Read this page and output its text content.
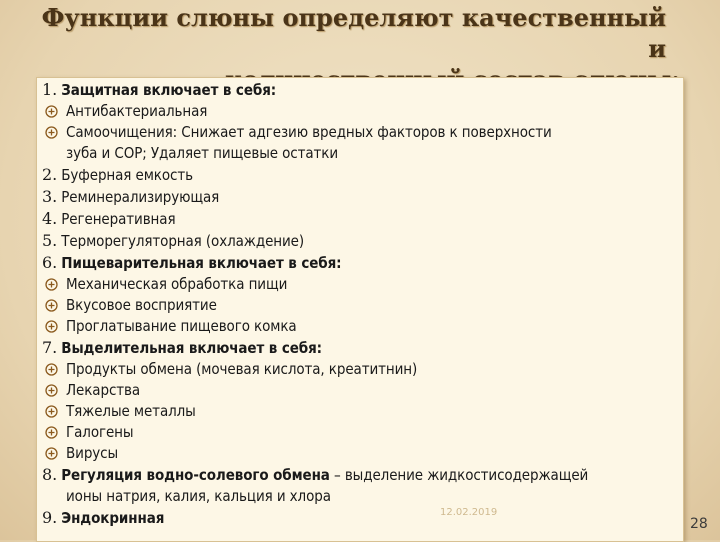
Функции слюны определяют качественный и
1. Защитная включает в себя:
Антибактериальная
Самоочищения: Снижает адгезию вредных факторов к поверхности
зуба и СОР; Удаляет пищевые остатки
2. Буферная емкость
3. Реминерализирующая
4. Регенеративная
5. Терморегуляторная (охлаждение)
6. Пищеварительная включает в себя:
Механическая обработка пищи
Вкусовое восприятие
Проглатывание пищевого комка
7. Выделительная включает в себя:
Продукты обмена (мочевая кислота, креатитнин)
Лекарства
Тяжелые металлы
Галогены
Вирусы
8. Регуляция водно-солевого обмена – выделение жидкостисодержащей
ионы натрия, калия, кальция и хлора
9. Эндокринная	12.02.2019
28
